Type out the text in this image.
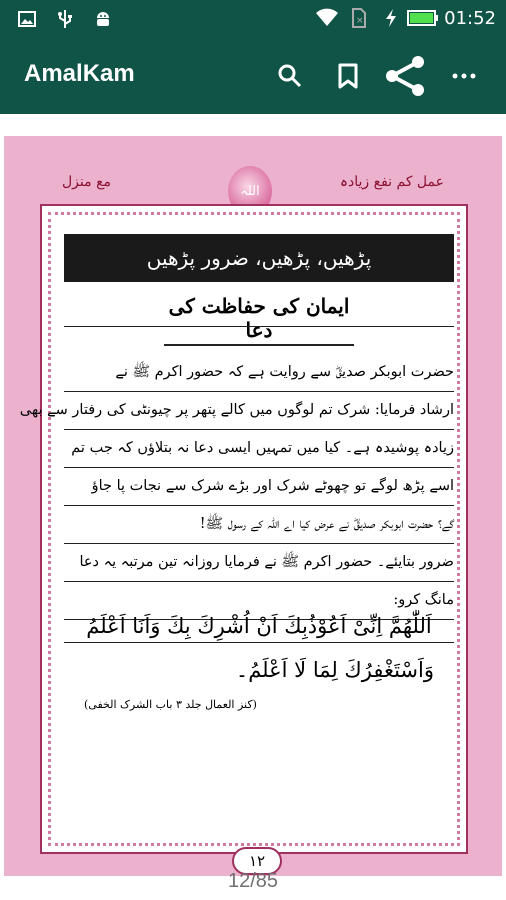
×	01:52
AmalKam
مع منزل
اللہ
عمل کم نفع زیادہ
پڑھیں، پڑھیں، ضرور پڑھیں
ایمان کی حفاظت کی دعا
حضرت ابوبکر صدیقؓ سے روایت ہے کہ حضور اکرم ﷺ نے
ارشاد فرمایا: شرک تم لوگوں میں کالے پتھر پر چیونٹی کی رفتار سے بھی
زیادہ پوشیدہ ہے۔ کیا میں تمہیں ایسی دعا نہ بتلاؤں کہ جب تم
اسے پڑھ لوگے تو چھوٹے شرک اور بڑے شرک سے نجات پا جاؤ
گے؟ حضرت ابوبکر صدیقؓ نے عرض کیا اے اللہ کے رسول ﷺ!
ضرور بتایئے۔ حضور اکرم ﷺ نے فرمایا روزانہ تین مرتبہ یہ دعا
مانگ کرو:
اَللّٰھُمَّ اِنِّیْ اَعُوْذُبِكَ اَنْ اُشْرِكَ بِكَ وَاَنَا اَعْلَمُ
وَاَسْتَغْفِرُكَ لِمَا لَا اَعْلَمُ۔
(کنز العمال جلد ۳ باب الشرک الخفی)
۱۲
12/85
